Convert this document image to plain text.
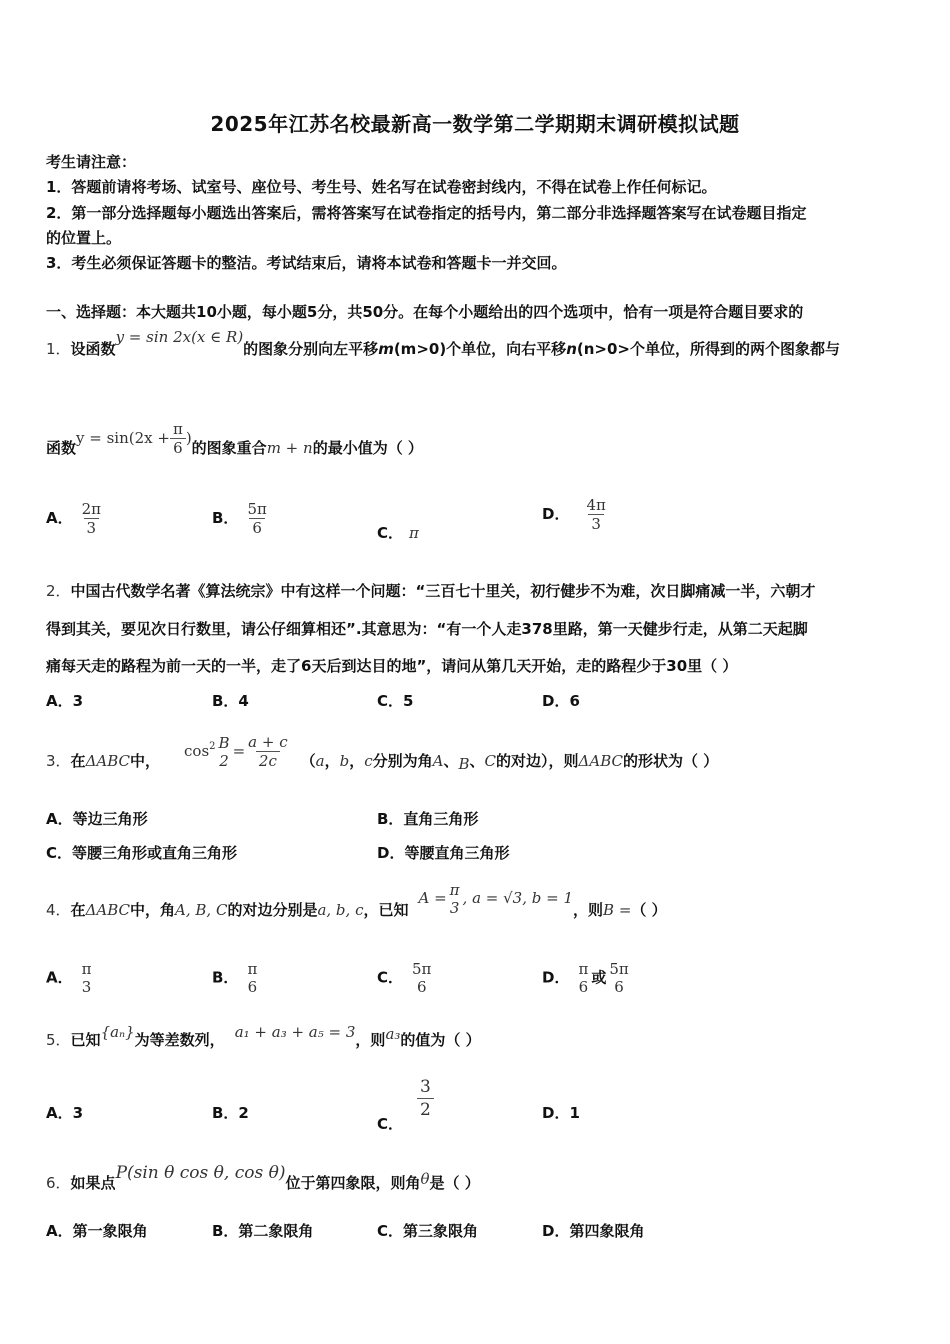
2025年江苏名校最新高一数学第二学期期末调研模拟试题
考生请注意：
1．答题前请将考场、试室号、座位号、考生号、姓名写在试卷密封线内，不得在试卷上作任何标记。
2．第一部分选择题每小题选出答案后，需将答案写在试卷指定的括号内，第二部分非选择题答案写在试卷题目指定
的位置上。
3．考生必须保证答题卡的整洁。考试结束后，请将本试卷和答题卡一并交回。
一、选择题：本大题共10小题，每小题5分，共50分。在每个小题给出的四个选项中，恰有一项是符合题目要求的
1．设函数y = sin 2x(x ∈ R)的图象分别向左平移m(m>0)个单位，向右平移n(n>0>个单位，所得到的两个图象都与
函数$y = \sin(2x + \frac{\pi}{6}$ )的图象重合m + n的最小值为（ ）
A． $\frac{2\pi}{3}$	B． $\frac{5\pi}{6}$	C． π
D． $\frac{4\pi}{3}$
2．中国古代数学名著《算法统宗》中有这样一个问题：“三百七十里关，初行健步不为难，次日脚痛减一半，六朝才
得到其关，要见次日行数里，请公仔细算相还”.其意思为：“有一个人走378里路，第一天健步行走，从第二天起脚
痛每天走的路程为前一天的一半，走了6天后到达目的地”，请问从第几天开始，走的路程少于30里（ ）
A．3	B．4	C．5	D．6
3．在ΔABC中，$\cos^2 B$
2
= $\frac{a + c}{2c} (a$，b，c分别为角A、B、C的对边），则ΔABC的形状为（ ）
A．等边三角形	B．直角三角形
C．等腰三角形或直角三角形	D．等腰直角三角形
4．在ΔABC中，角A, B, C的对边分别是a, b, c，已知A = π
3
, a = √3, b = 1，则B =（ ）
A． π
3
B． π
6
C． 5π
6
D． π
6
或 5π
6
5．已知{aₙ}为等差数列， a₁ + a₃ + a₅ = 3，则a₃的值为（ ）
A．3	B．2
C．
$\frac{3}{2}$	D．1
6．如果点P(sin θ cos θ, cos θ)位于第四象限，则角θ是（ ）
A．第一象限角	B．第二象限角	C．第三象限角	D．第四象限角
